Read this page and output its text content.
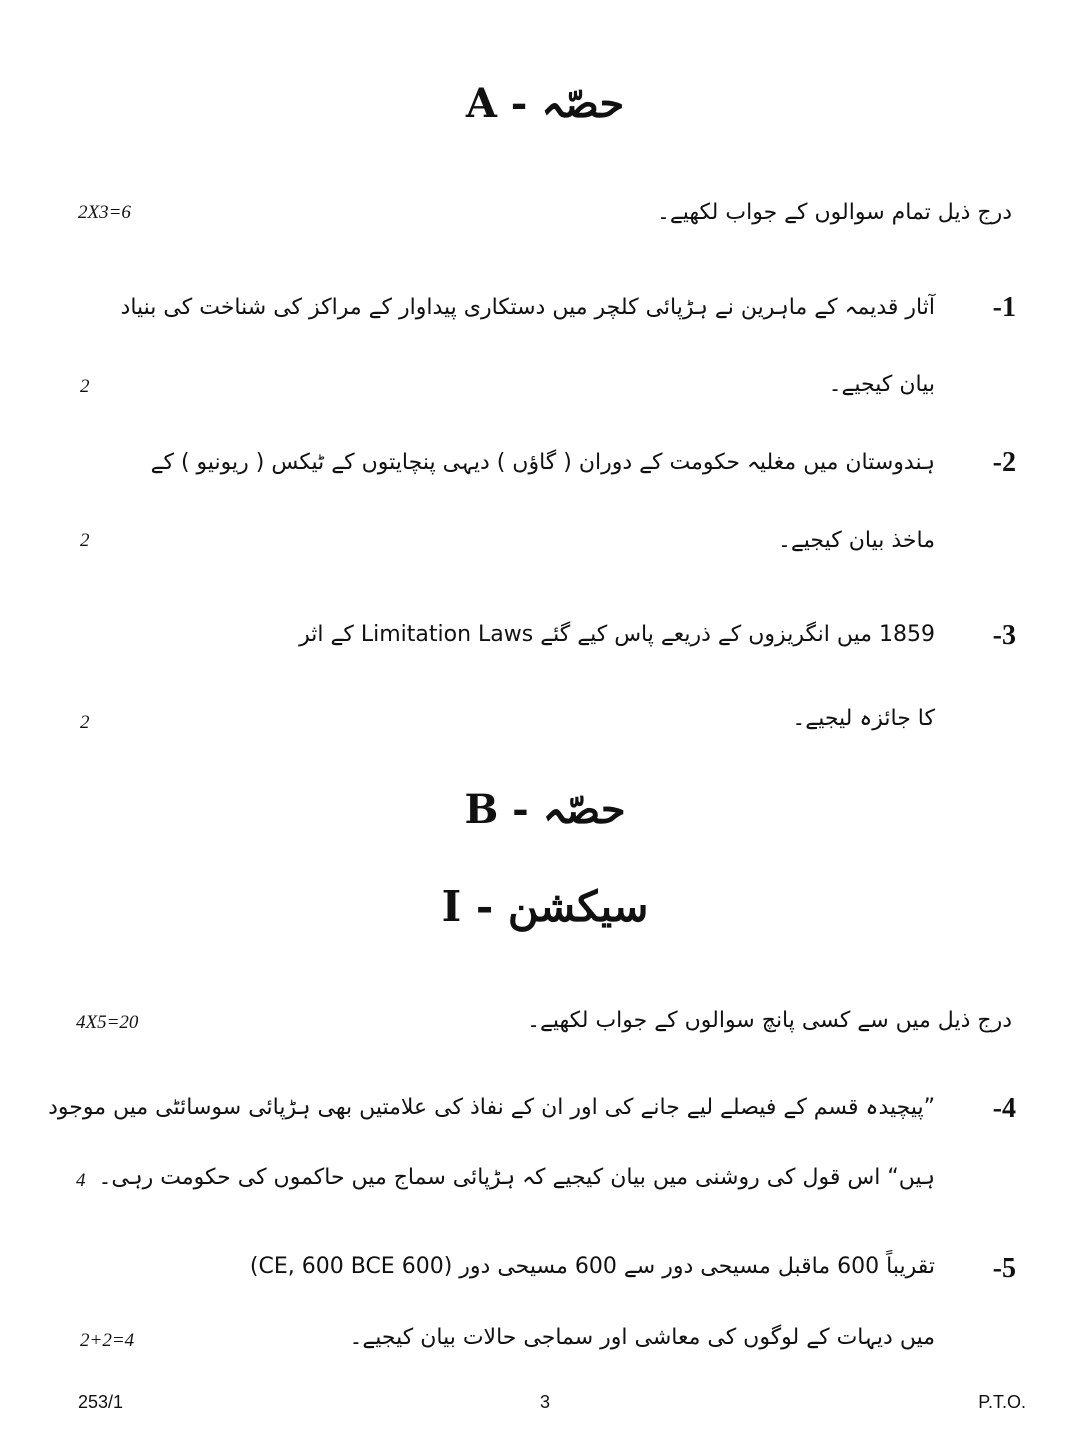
حصّہ - A
درج ذیل تمام سوالوں کے جواب لکھیے۔
2X3=6
1-
آثار قدیمہ کے ماہرین نے ہڑپائی کلچر میں دستکاری پیداوار کے مراکز کی شناخت کی بنیاد
بیان کیجیے۔
2
2-
ہندوستان میں مغلیہ حکومت کے دوران ( گاؤں ) دیہی پنچایتوں کے ٹیکس ( ریونیو ) کے
ماخذ بیان کیجیے۔
2
3-
1859 میں انگریزوں کے ذریعے پاس کیے گئے Limitation Laws کے اثر
کا جائزہ لیجیے۔
2
حصّہ - B
سیکشن - I
درج ذیل میں سے کسی پانچ سوالوں کے جواب لکھیے۔
4X5=20
4-
”پیچیدہ قسم کے فیصلے لیے جانے کی اور ان کے نفاذ کی علامتیں بھی ہڑپائی سوسائٹی میں موجود
ہیں“ اس قول کی روشنی میں بیان کیجیے کہ ہڑپائی سماج میں حاکموں کی حکومت رہی۔
4
5-
تقریباً 600 ماقبل مسیحی دور سے 600 مسیحی دور (600 CE, 600 BCE)
میں دیہات کے لوگوں کی معاشی اور سماجی حالات بیان کیجیے۔
2+2=4
253/1	3	P.T.O.
